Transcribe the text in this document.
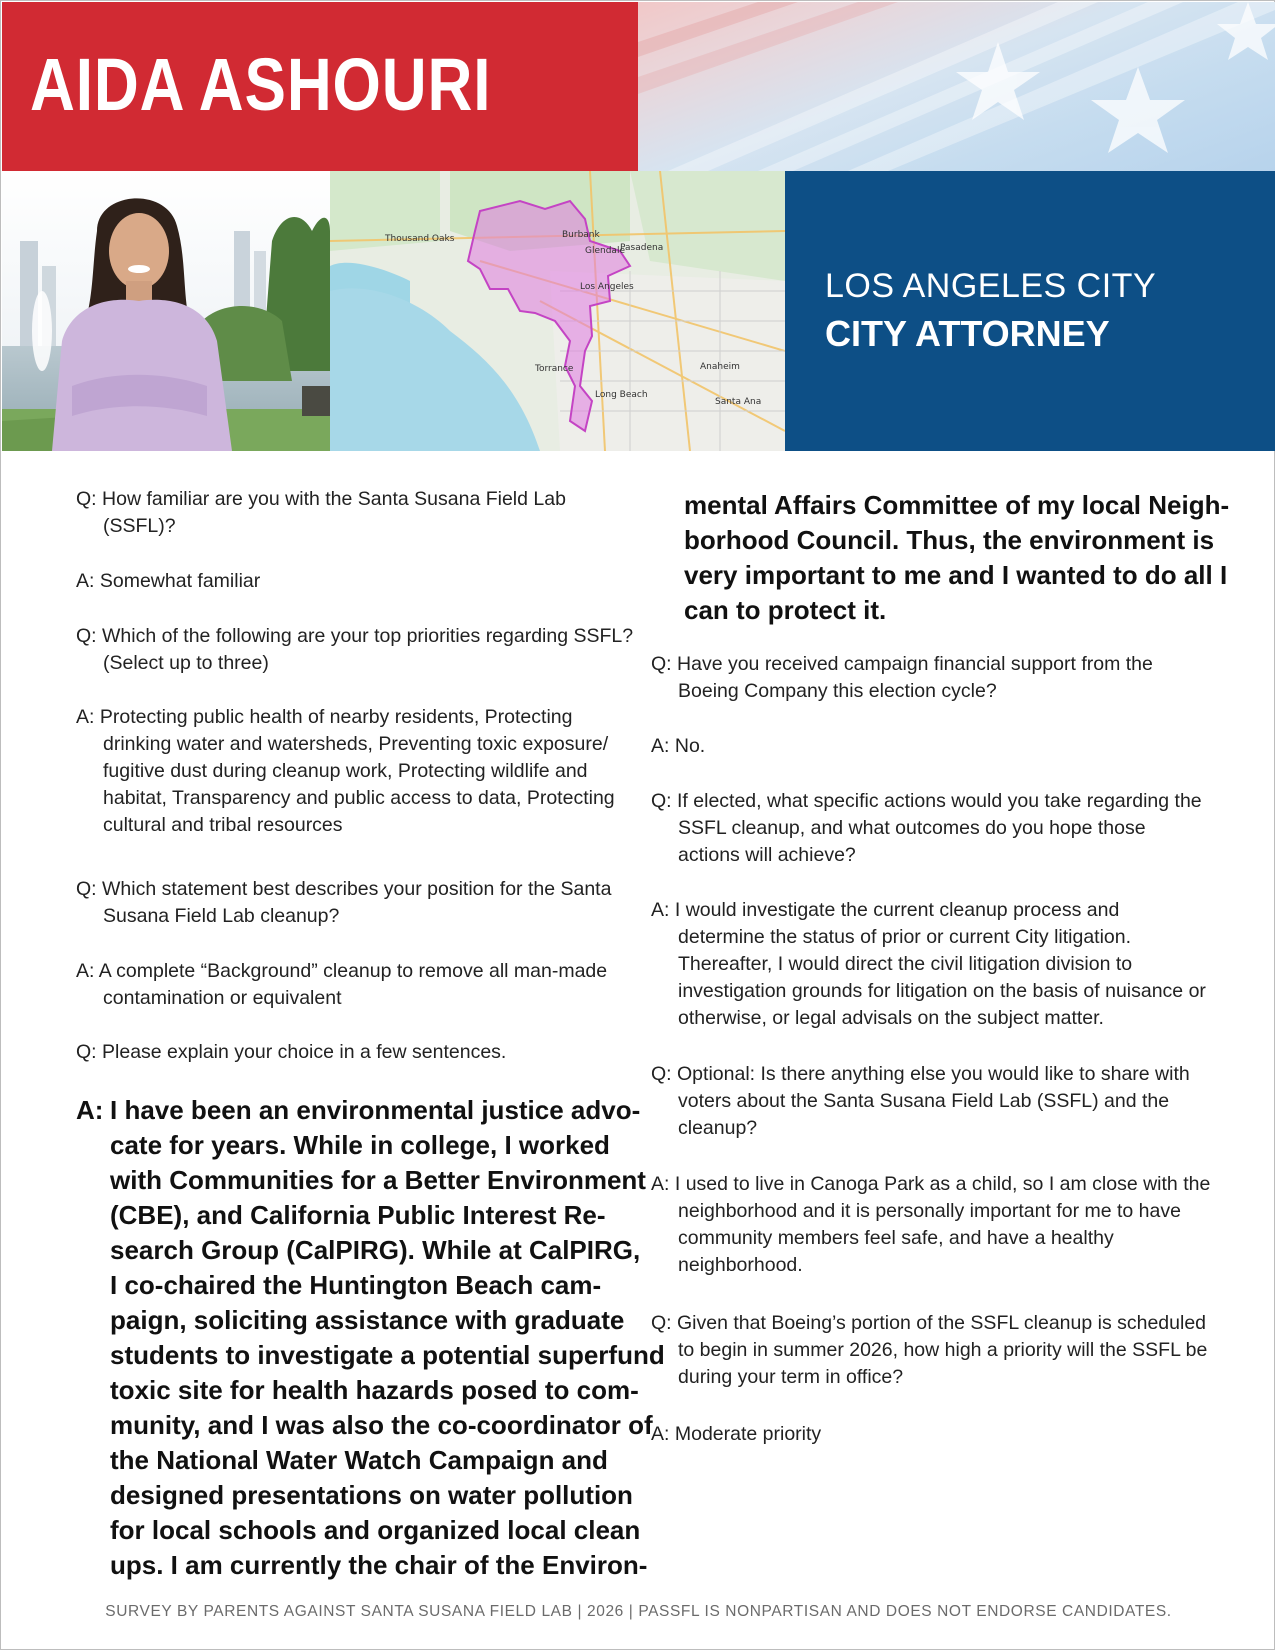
AIDA ASHOURI
Los Angeles
Long Beach
Anaheim
Glendale
Pasadena
Torrance
Burbank
Santa Ana
Thousand Oaks
LOS ANGELES CITY
CITY ATTORNEY
Q: How familiar are you with the Santa Susana Field Lab (SSFL)?
A: Somewhat familiar
Q: Which of the following are your top priorities regarding SSFL? (Select up to three)
A: Protecting public health of nearby residents, Protecting drinking water and watersheds, Preventing toxic exposure/ fugitive dust during cleanup work, Protecting wildlife and habitat, Transparency and public access to data, Protecting cultural and tribal resources
Q: Which statement best describes your position for the Santa Susana Field Lab cleanup?
A: A complete “Background” cleanup to remove all man-made contamination or equivalent
Q: Please explain your choice in a few sentences.
A: I have been an environmental justice advo-
cate for years. While in college, I worked
with Communities for a Better Environment
(CBE), and California Public Interest Re-
search Group (CalPIRG). While at CalPIRG,
I co-chaired the Huntington Beach cam-
paign, soliciting assistance with graduate
students to investigate a potential superfund
toxic site for health hazards posed to com-
munity, and I was also the co-coordinator of
the National Water Watch Campaign and
designed presentations on water pollution
for local schools and organized local clean
ups. I am currently the chair of the Environ-
mental Affairs Committee of my local Neigh-
borhood Council. Thus, the environment is
very important to me and I wanted to do all I
can to protect it.
Q: Have you received campaign financial support from the Boeing Company this election cycle?
A: No.
Q: If elected, what specific actions would you take regarding the SSFL cleanup, and what outcomes do you hope those actions will achieve?
A: I would investigate the current cleanup process and determine the status of prior or current City litigation. Thereafter, I would direct the civil litigation division to investigation grounds for litigation on the basis of nuisance or otherwise, or legal advisals on the subject matter.
Q: Optional: Is there anything else you would like to share with voters about the Santa Susana Field Lab (SSFL) and the cleanup?
A: I used to live in Canoga Park as a child, so I am close with the neighborhood and it is personally important for me to have community members feel safe, and have a healthy neighborhood.
Q: Given that Boeing’s portion of the SSFL cleanup is scheduled to begin in summer 2026, how high a priority will the SSFL be during your term in office?
A: Moderate priority
SURVEY BY PARENTS AGAINST SANTA SUSANA FIELD LAB | 2026 | PASSFL IS NONPARTISAN AND DOES NOT ENDORSE CANDIDATES.
